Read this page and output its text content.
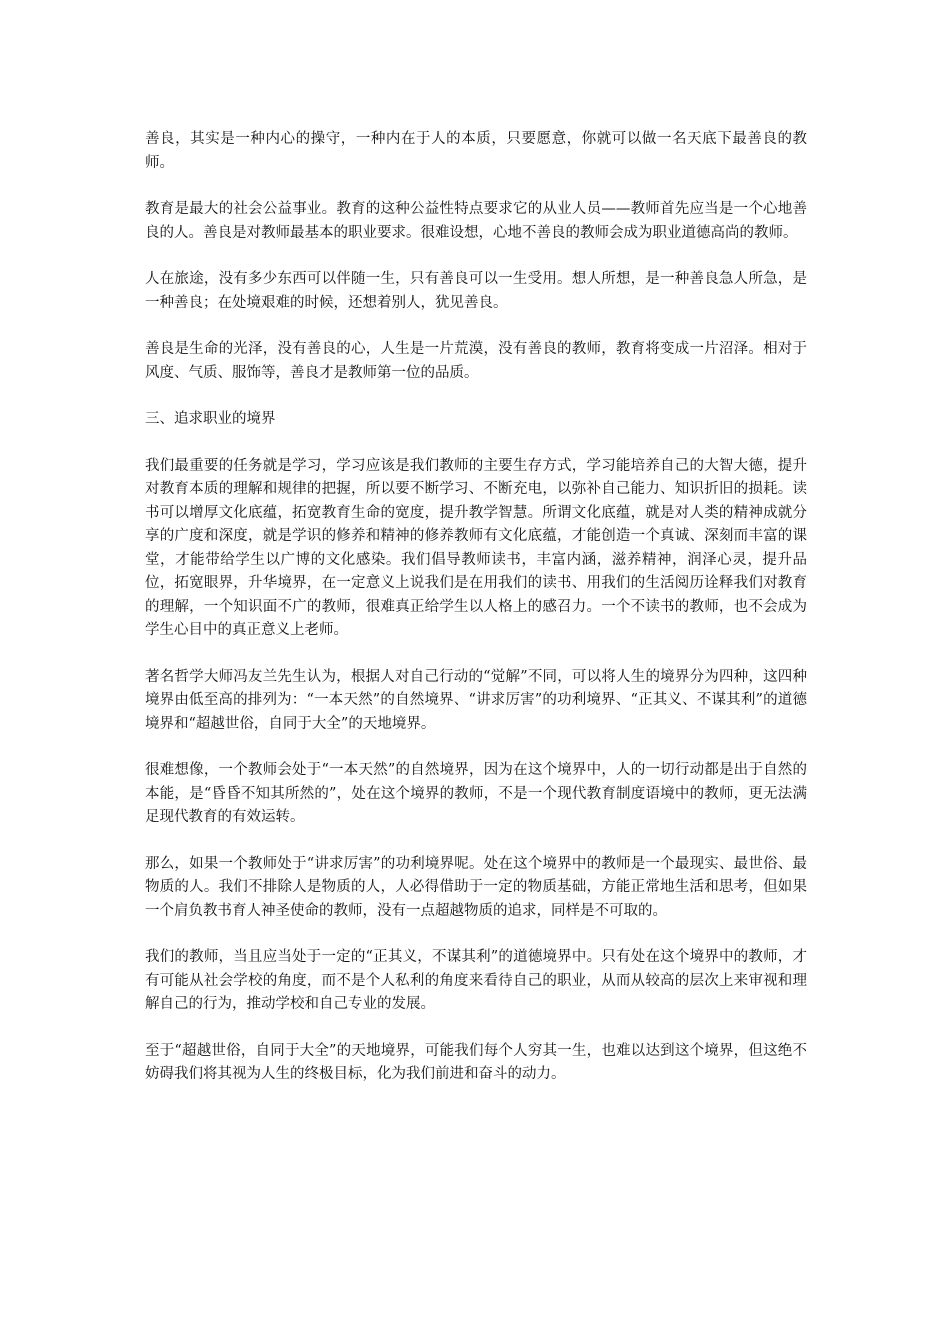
善良，其实是一种内心的操守，一种内在于人的本质，只要愿意，你就可以做一名天底下最善良的教师。

教育是最大的社会公益事业。教育的这种公益性特点要求它的从业人员——教师首先应当是一个心地善良的人。善良是对教师最基本的职业要求。很难设想，心地不善良的教师会成为职业道德高尚的教师。

人在旅途，没有多少东西可以伴随一生，只有善良可以一生受用。想人所想，是一种善良急人所急，是一种善良；在处境艰难的时候，还想着别人，犹见善良。

善良是生命的光泽，没有善良的心，人生是一片荒漠，没有善良的教师，教育将变成一片沼泽。相对于风度、气质、服饰等，善良才是教师第一位的品质。

三、追求职业的境界

我们最重要的任务就是学习，学习应该是我们教师的主要生存方式，学习能培养自己的大智大德，提升对教育本质的理解和规律的把握，所以要不断学习、不断充电，以弥补自己能力、知识折旧的损耗。读书可以增厚文化底蕴，拓宽教育生命的宽度，提升教学智慧。所谓文化底蕴，就是对人类的精神成就分享的广度和深度，就是学识的修养和精神的修养教师有文化底蕴，才能创造一个真诚、深刻而丰富的课堂，才能带给学生以广博的文化感染。我们倡导教师读书，丰富内涵，滋养精神，润泽心灵，提升品位，拓宽眼界，升华境界，在一定意义上说我们是在用我们的读书、用我们的生活阅历诠释我们对教育的理解，一个知识面不广的教师，很难真正给学生以人格上的感召力。一个不读书的教师，也不会成为学生心目中的真正意义上老师。

著名哲学大师冯友兰先生认为，根据人对自己行动的“觉解”不同，可以将人生的境界分为四种，这四种境界由低至高的排列为：“一本天然”的自然境界、“讲求厉害”的功利境界、“正其义、不谋其利”的道德境界和“超越世俗，自同于大全”的天地境界。

很难想像，一个教师会处于“一本天然”的自然境界，因为在这个境界中，人的一切行动都是出于自然的本能，是“昏昏不知其所然的”，处在这个境界的教师，不是一个现代教育制度语境中的教师，更无法满足现代教育的有效运转。

那么，如果一个教师处于“讲求厉害”的功利境界呢。处在这个境界中的教师是一个最现实、最世俗、最物质的人。我们不排除人是物质的人，人必得借助于一定的物质基础，方能正常地生活和思考，但如果一个肩负教书育人神圣使命的教师，没有一点超越物质的追求，同样是不可取的。

我们的教师，当且应当处于一定的“正其义，不谋其利”的道德境界中。只有处在这个境界中的教师，才有可能从社会学校的角度，而不是个人私利的角度来看待自己的职业，从而从较高的层次上来审视和理解自己的行为，推动学校和自己专业的发展。

至于“超越世俗，自同于大全”的天地境界，可能我们每个人穷其一生，也难以达到这个境界，但这绝不妨碍我们将其视为人生的终极目标，化为我们前进和奋斗的动力。
